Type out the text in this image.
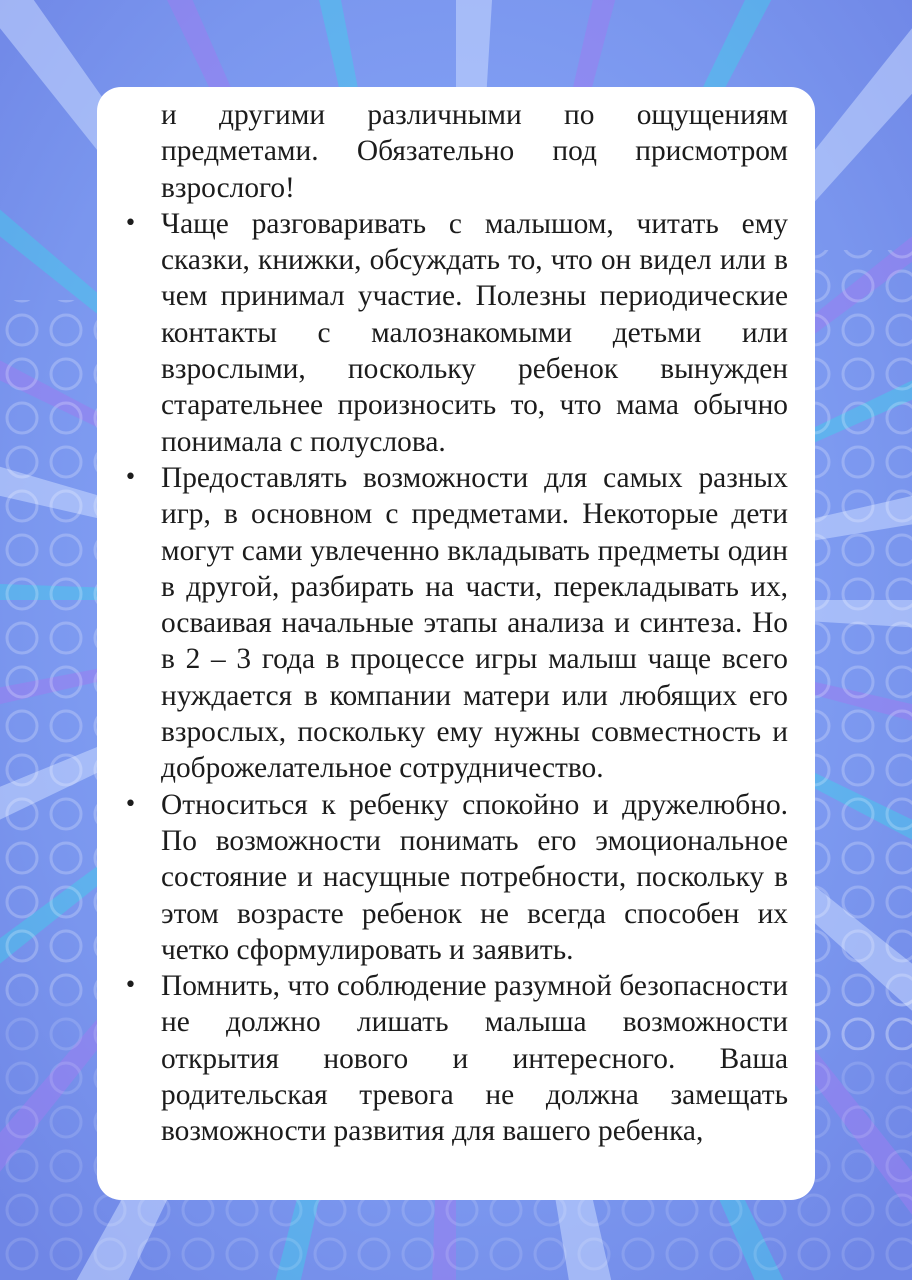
и другими различными по ощущениям предметами. Обязательно под присмотром взрослого!

• Чаще разговаривать с малышом, читать ему сказки, книжки, обсуждать то, что он видел или в чем принимал участие. Полезны периодические контакты с малознакомыми детьми или взрослыми, поскольку ребенок вынужден старательнее произносить то, что мама обычно понимала с полуслова.
• Предоставлять возможности для самых разных игр, в основном с предметами. Некоторые дети могут сами увлеченно вкладывать предметы один в другой, разбирать на части, перекладывать их, осваивая начальные этапы анализа и синтеза. Но в 2 – 3 года в процессе игры малыш чаще всего нуждается в компании матери или любящих его взрослых, поскольку ему нужны совместность и доброжелательное сотрудничество.
• Относиться к ребенку спокойно и дружелюбно. По возможности понимать его эмоциональное состояние и насущные потребности, поскольку в этом возрасте ребенок не всегда способен их четко сформулировать и заявить.
• Помнить, что соблюдение разумной безопасности не должно лишать малыша возможности открытия нового и интересного. Ваша родительская тревога не должна замещать возможности развития для вашего ребенка,
